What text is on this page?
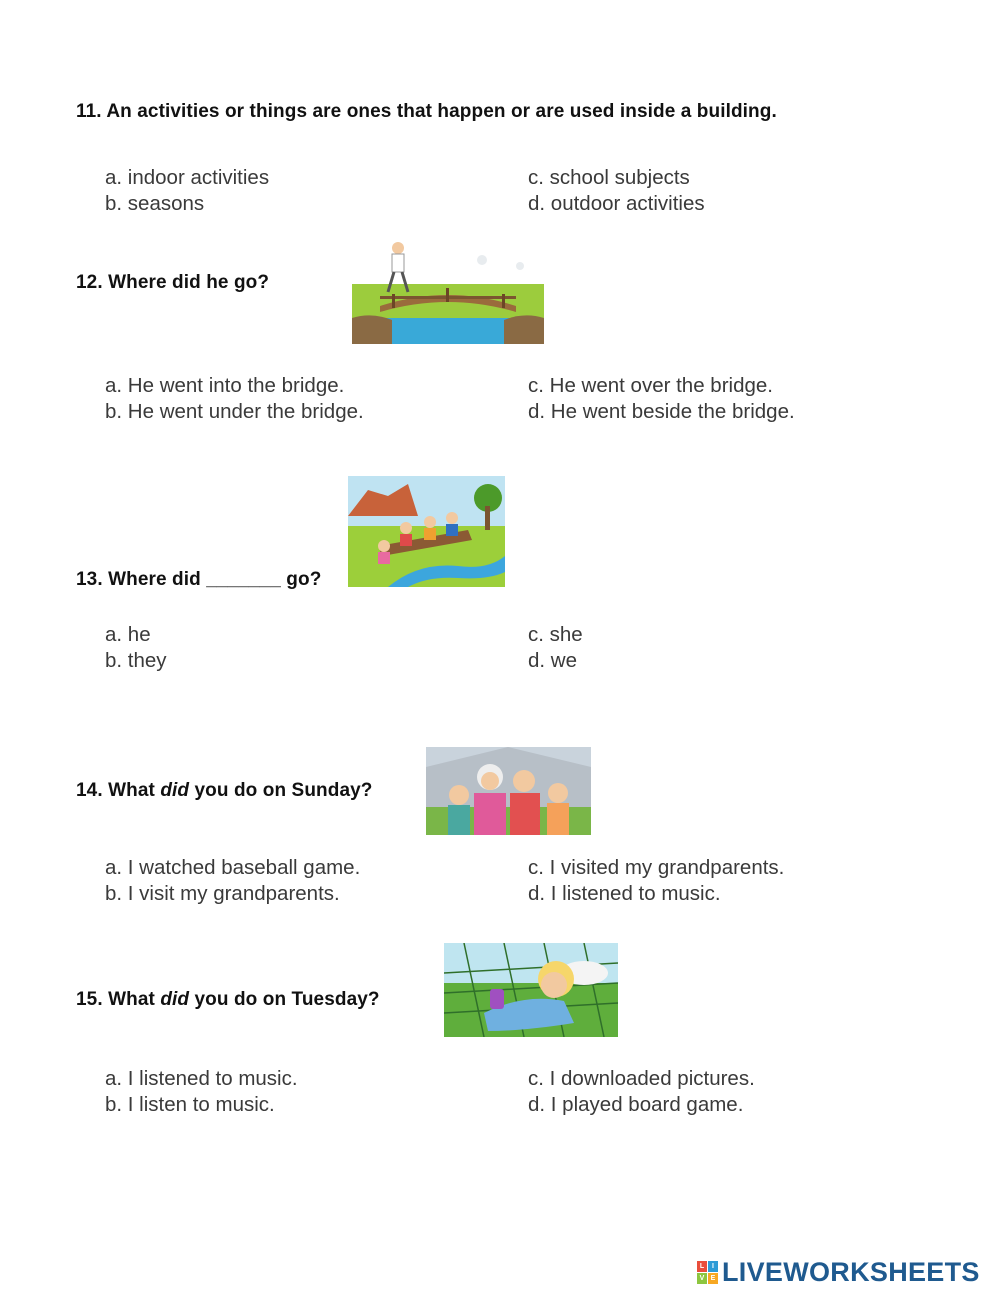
11. An activities or things are ones that happen or are used inside a building.
a. indoor activities
b. seasons
c. school subjects
d. outdoor activities
12. Where did he go?
a. He went into the bridge.
b. He went under the bridge.
c. He went over the bridge.
d. He went beside the bridge.
13. Where did _______ go?
a. he
b. they
c. she
d. we
14. What did you do on Sunday?
a. I watched baseball game.
b. I visit my grandparents.
c. I visited my grandparents.
d. I listened to music.
15. What did you do on Tuesday?
a. I listened to music.
b. I listen to music.
c. I downloaded pictures.
d. I played board game.
L	I
V E LIVEWORKSHEETS
